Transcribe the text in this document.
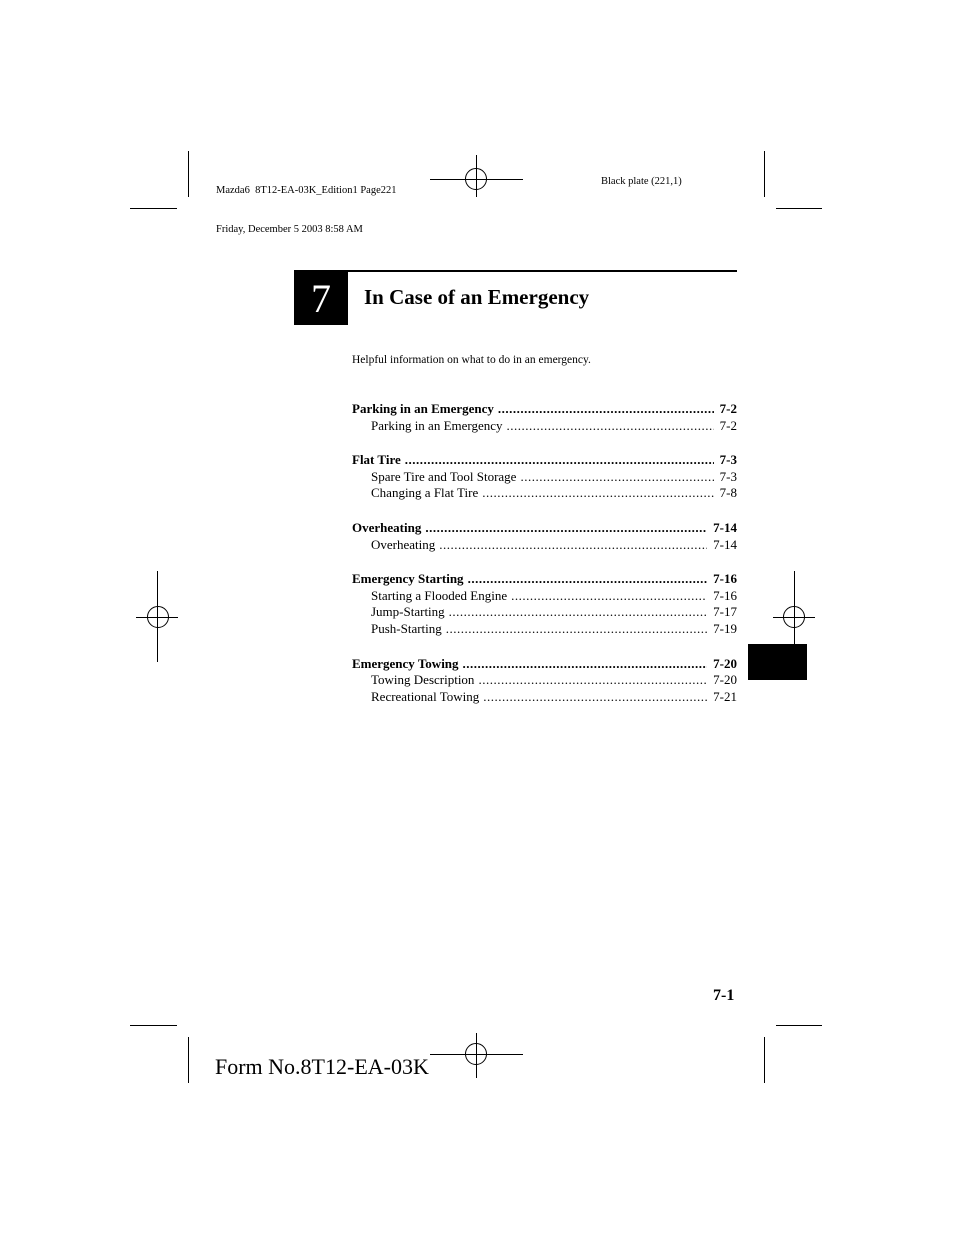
Mazda6  8T12-EA-03K_Edition1 Page221

Friday, December 5 2003 8:58 AM

Black plate (221,1)
7	In Case of an Emergency
Helpful information on what to do in an emergency.
Parking in an Emergency .....	7-2
Parking in an Emergency .....	7-2
Flat Tire .....	7-3
Spare Tire and Tool Storage .....	7-3
Changing a Flat Tire .....	7-8
Overheating .....	7-14
Overheating .....	7-14
Emergency Starting .....	7-16
Starting a Flooded Engine .....	7-16
Jump-Starting .....	7-17
Push-Starting .....	7-19
Emergency Towing .....	7-20
Towing Description .....	7-20
Recreational Towing .....	7-21
7-1
Form No.8T12-EA-03K
